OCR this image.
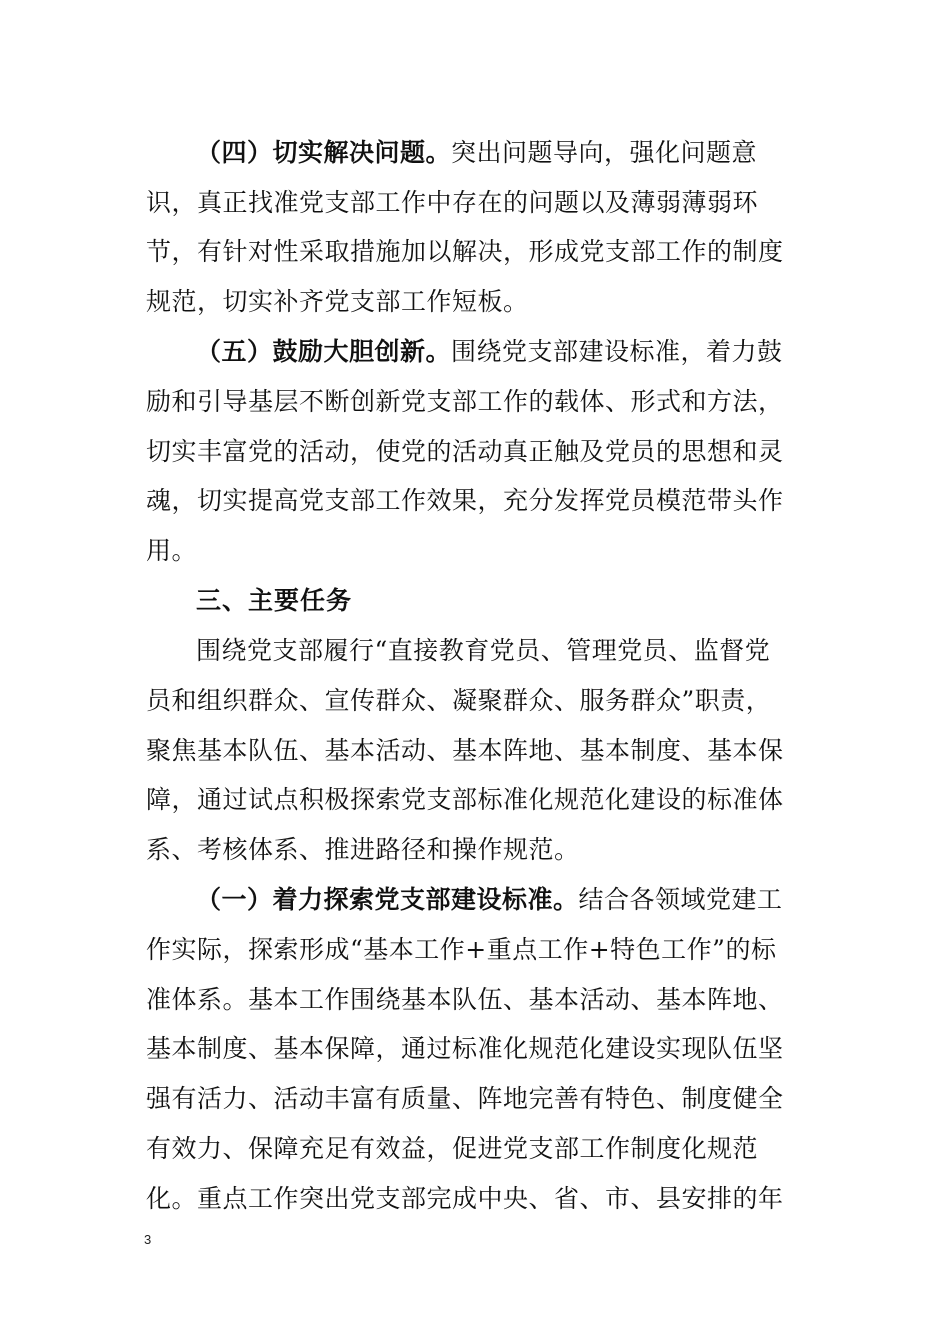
（四）切实解决问题。突出问题导向，强化问题意
识，真正找准党支部工作中存在的问题以及薄弱薄弱环
节，有针对性采取措施加以解决，形成党支部工作的制度
规范，切实补齐党支部工作短板。
（五）鼓励大胆创新。围绕党支部建设标准，着力鼓
励和引导基层不断创新党支部工作的载体、形式和方法，
切实丰富党的活动，使党的活动真正触及党员的思想和灵
魂，切实提高党支部工作效果，充分发挥党员模范带头作
用。
三、主要任务
围绕党支部履行“直接教育党员、管理党员、监督党
员和组织群众、宣传群众、凝聚群众、服务群众”职责，
聚焦基本队伍、基本活动、基本阵地、基本制度、基本保
障，通过试点积极探索党支部标准化规范化建设的标准体
系、考核体系、推进路径和操作规范。
（一）着力探索党支部建设标准。结合各领域党建工
作实际，探索形成“基本工作+重点工作+特色工作”的标
准体系。基本工作围绕基本队伍、基本活动、基本阵地、
基本制度、基本保障，通过标准化规范化建设实现队伍坚
强有活力、活动丰富有质量、阵地完善有特色、制度健全
有效力、保障充足有效益，促进党支部工作制度化规范
化。重点工作突出党支部完成中央、省、市、县安排的年
3
